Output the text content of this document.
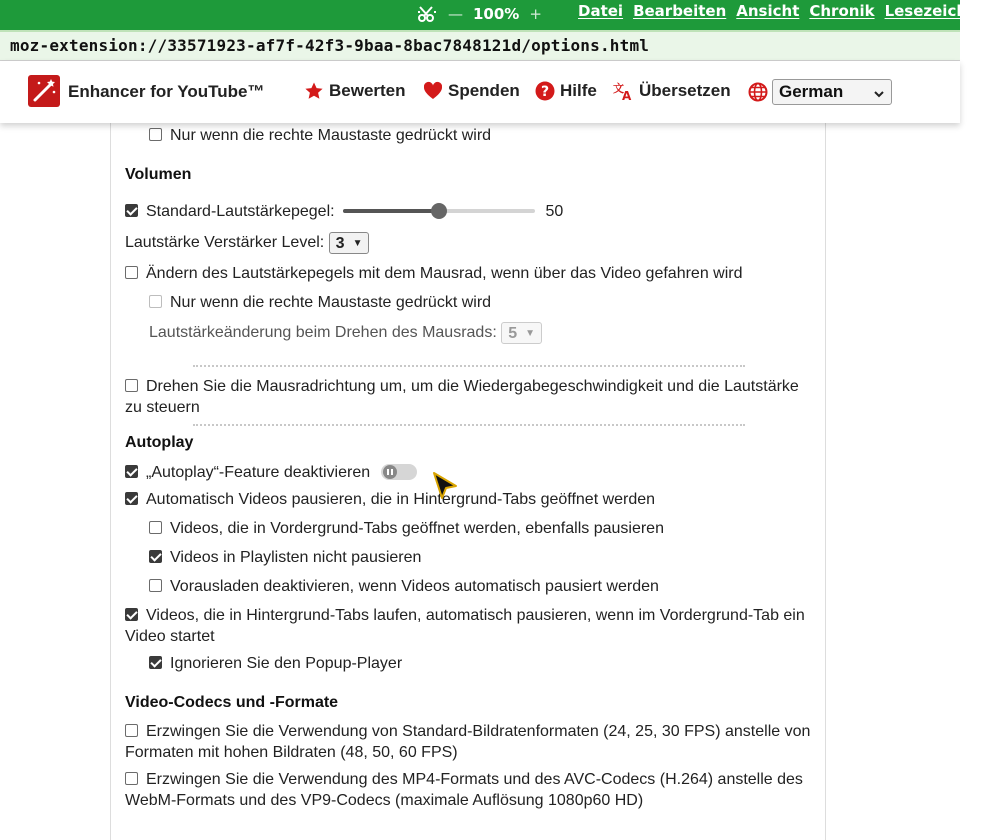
— 100% + Datei Bearbeiten Ansicht Chronik Lesezeichen
moz-extension://33571923-af7f-42f3-9baa-8bac7848121d/options.html
Enhancer for YouTube™	Bewerten Spenden ? Hilfe 文
A Übersetzen	German
Nur wenn die rechte Maustaste gedrückt wird
Volumen
Standard-Lautstärkepegel:	50
Lautstärke Verstärker Level: 3 ▼
Ändern des Lautstärkepegels mit dem Mausrad, wenn über das Video gefahren wird
Nur wenn die rechte Maustaste gedrückt wird
Lautstärkeänderung beim Drehen des Mausrads: 5 ▼
Drehen Sie die Mausradrichtung um, um die Wiedergabegeschwindigkeit und die Lautstärke
zu steuern
Autoplay
„Autoplay“-Feature deaktivieren
Automatisch Videos pausieren, die in Hintergrund-Tabs geöffnet werden
Videos, die in Vordergrund-Tabs geöffnet werden, ebenfalls pausieren
Videos in Playlisten nicht pausieren
Vorausladen deaktivieren, wenn Videos automatisch pausiert werden
Videos, die in Hintergrund-Tabs laufen, automatisch pausieren, wenn im Vordergrund-Tab ein
Video startet
Ignorieren Sie den Popup-Player
Video-Codecs und -Formate
Erzwingen Sie die Verwendung von Standard-Bildratenformaten (24, 25, 30 FPS) anstelle von
Formaten mit hohen Bildraten (48, 50, 60 FPS)
Erzwingen Sie die Verwendung des MP4-Formats und des AVC-Codecs (H.264) anstelle des
WebM-Formats und des VP9-Codecs (maximale Auflösung 1080p60 HD)
